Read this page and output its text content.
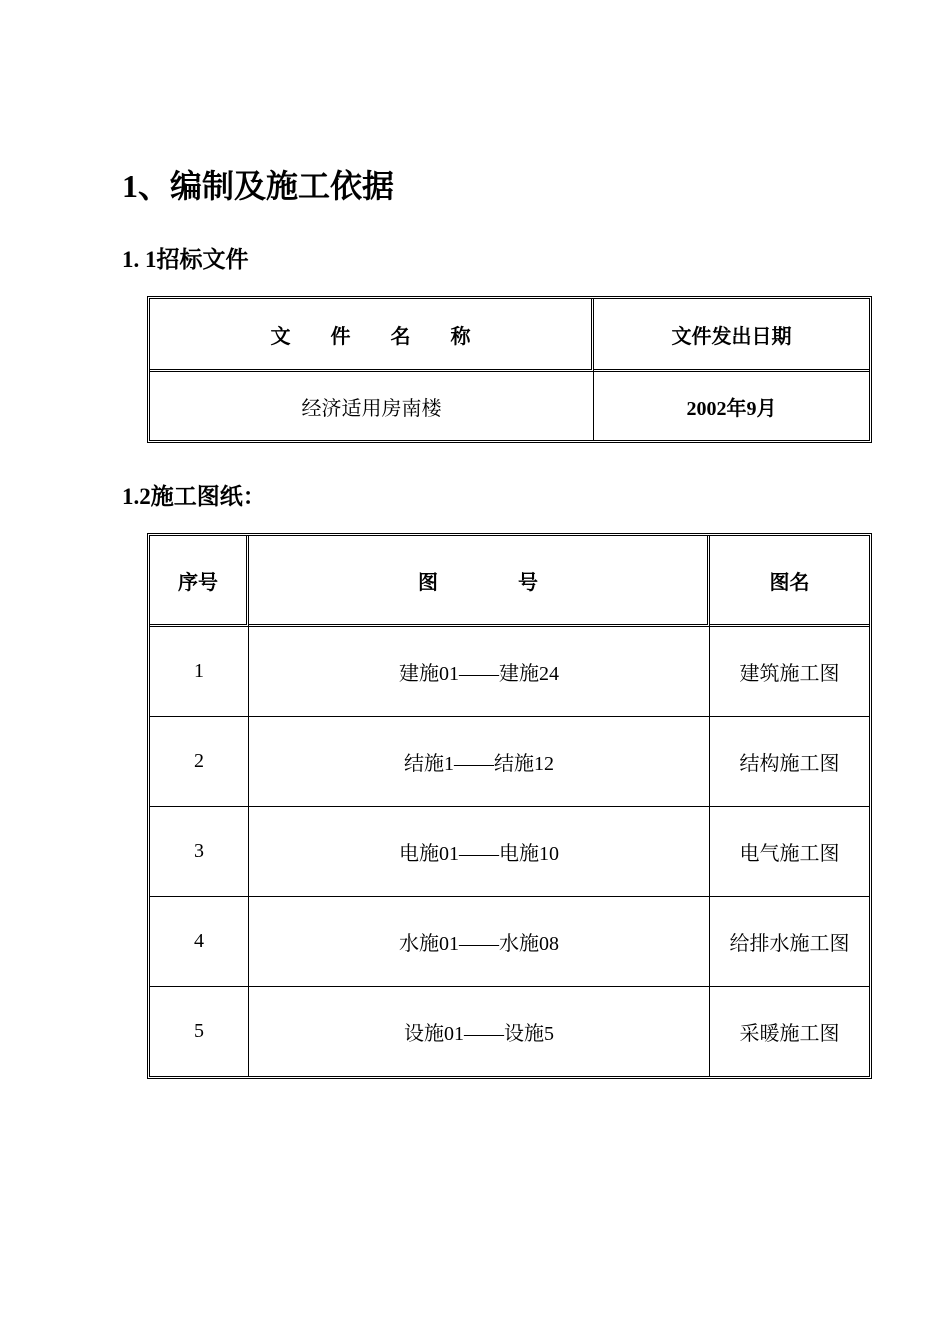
1、编制及施工依据
1. 1招标文件
文　　件　　名　　称	文件发出日期
经济适用房南楼	2002年9月
1.2施工图纸：
序号	图　　　　号	图名
1	建施01——建施24	建筑施工图
2	结施1——结施12	结构施工图
3	电施01——电施10	电气施工图
4	水施01——水施08	给排水施工图
5	设施01——设施5	采暖施工图
